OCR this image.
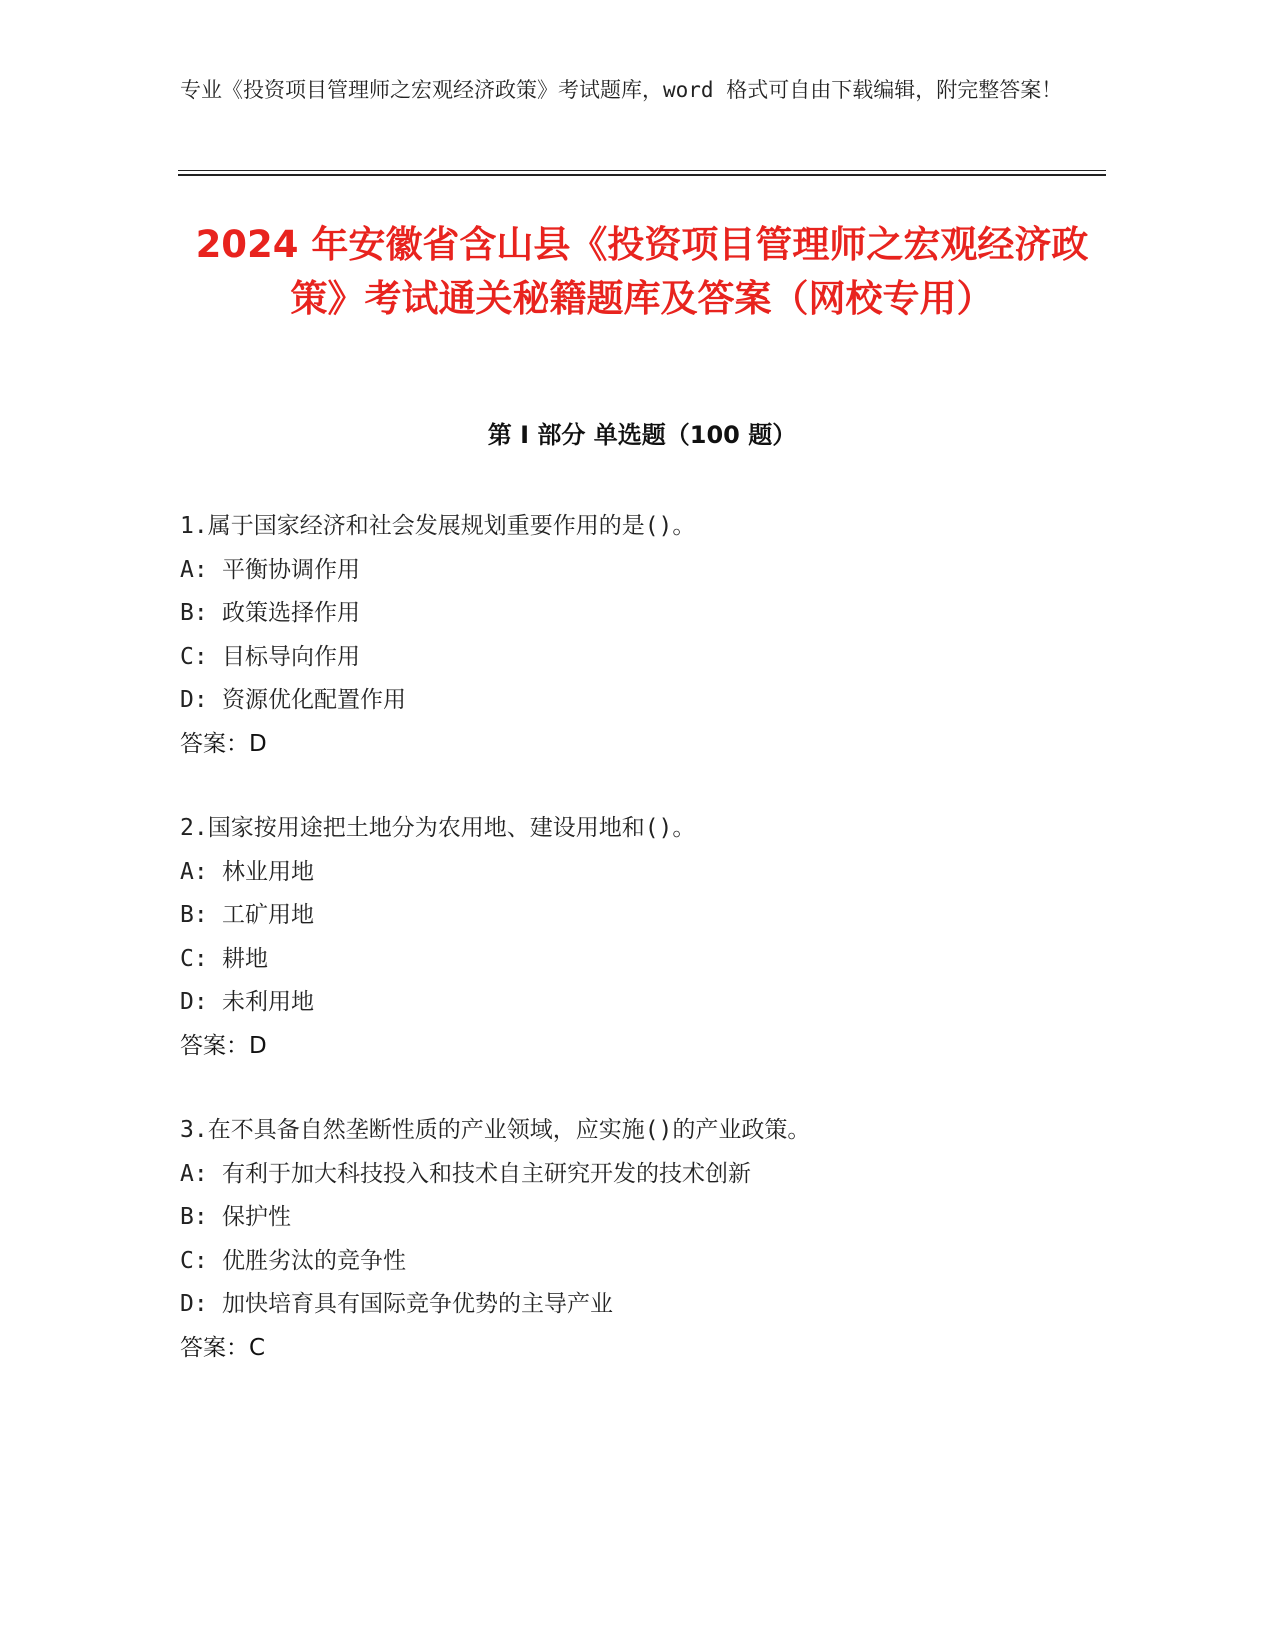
专业《投资项目管理师之宏观经济政策》考试题库，word 格式可自由下载编辑，附完整答案！
2024 年安徽省含山县《投资项目管理师之宏观经济政策》考试通关秘籍题库及答案（网校专用）
第 I 部分 单选题（100 题）
1.属于国家经济和社会发展规划重要作用的是()。
A: 平衡协调作用
B: 政策选择作用
C: 目标导向作用
D: 资源优化配置作用
答案：D
2.国家按用途把土地分为农用地、建设用地和()。
A: 林业用地
B: 工矿用地
C: 耕地
D: 未利用地
答案：D
3.在不具备自然垄断性质的产业领域，应实施()的产业政策。
A: 有利于加大科技投入和技术自主研究开发的技术创新
B: 保护性
C: 优胜劣汰的竞争性
D: 加快培育具有国际竞争优势的主导产业
答案：C
